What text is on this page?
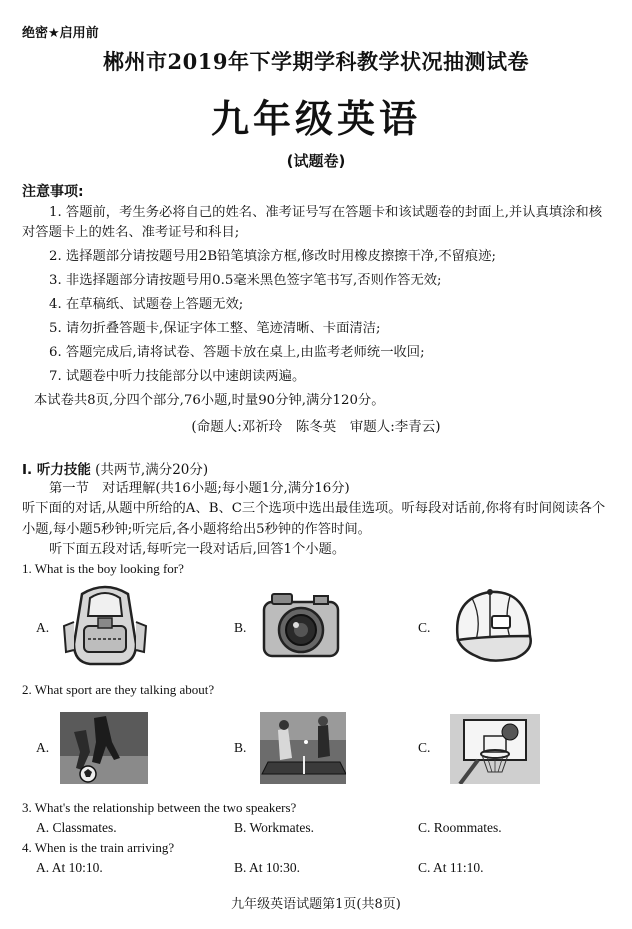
绝密★启用前
郴州市2019年下学期学科教学状况抽测试卷
九年级英语
(试题卷)
注意事项:

1. 答题前，考生务必将自己的姓名、准考证号写在答题卡和该试题卷的封面上,并认真填涂和核对答题卡上的姓名、准考证号和科目;

2. 选择题部分请按题号用2B铅笔填涂方框,修改时用橡皮擦擦干净,不留痕迹;

3. 非选择题部分请按题号用0.5毫米黑色签字笔书写,否则作答无效;

4. 在草稿纸、试题卷上答题无效;

5. 请勿折叠答题卡,保证字体工整、笔迹清晰、卡面清洁;

6. 答题完成后,请将试卷、答题卡放在桌上,由监考老师统一收回;

7. 试题卷中听力技能部分以中速朗读两遍。

本试卷共8页,分四个部分,76小题,时量90分钟,满分120分。

(命题人:邓祈玲　陈冬英　审题人:李青云)
Ⅰ. 听力技能 (共两节,满分20分)
第一节　对话理解(共16小题;每小题1分,满分16分)
听下面的对话,从题中所给的A、B、C三个选项中选出最佳选项。听每段对话前,你将有时间阅读各个小题,每小题5秒钟;听完后,各小题将给出5秒钟的作答时间。
听下面五段对话,每听完一段对话后,回答1个小题。
1. What is the boy looking for?
A.	B.	C.
2. What sport are they talking about?
A.	B.	C.
3. What's the relationship between the two speakers?
A. Classmates.	B. Workmates.	C. Roommates.
4. When is the train arriving?
A. At 10:10.	B. At 10:30.	C. At 11:10.
九年级英语试题第1页(共8页)
